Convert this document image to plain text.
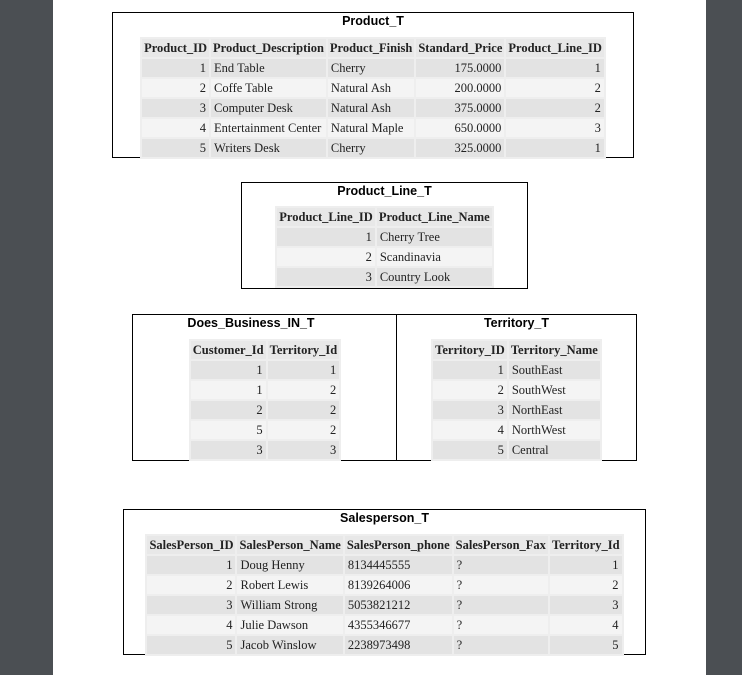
Product_T
Product_ID	Product_Description	Product_Finish	Standard_Price	Product_Line_ID
1	End Table	Cherry	175.0000	1
2	Coffe Table	Natural Ash	200.0000	2
3	Computer Desk	Natural Ash	375.0000	2
4	Entertainment Center	Natural Maple	650.0000	3
5	Writers Desk	Cherry	325.0000	1
Product_Line_T
Product_Line_ID	Product_Line_Name
1	Cherry Tree
2	Scandinavia
3	Country Look
Does_Business_IN_T
Customer_Id	Territory_Id
1	1
1	2
2	2
5	2
3	3
Territory_T
Territory_ID	Territory_Name
1	SouthEast
2	SouthWest
3	NorthEast
4	NorthWest
5	Central
Salesperson_T
SalesPerson_ID	SalesPerson_Name	SalesPerson_phone	SalesPerson_Fax	Territory_Id
1	Doug Henny	8134445555	?	1
2	Robert Lewis	8139264006	?	2
3	William Strong	5053821212	?	3
4	Julie Dawson	4355346677	?	4
5	Jacob Winslow	2238973498	?	5
